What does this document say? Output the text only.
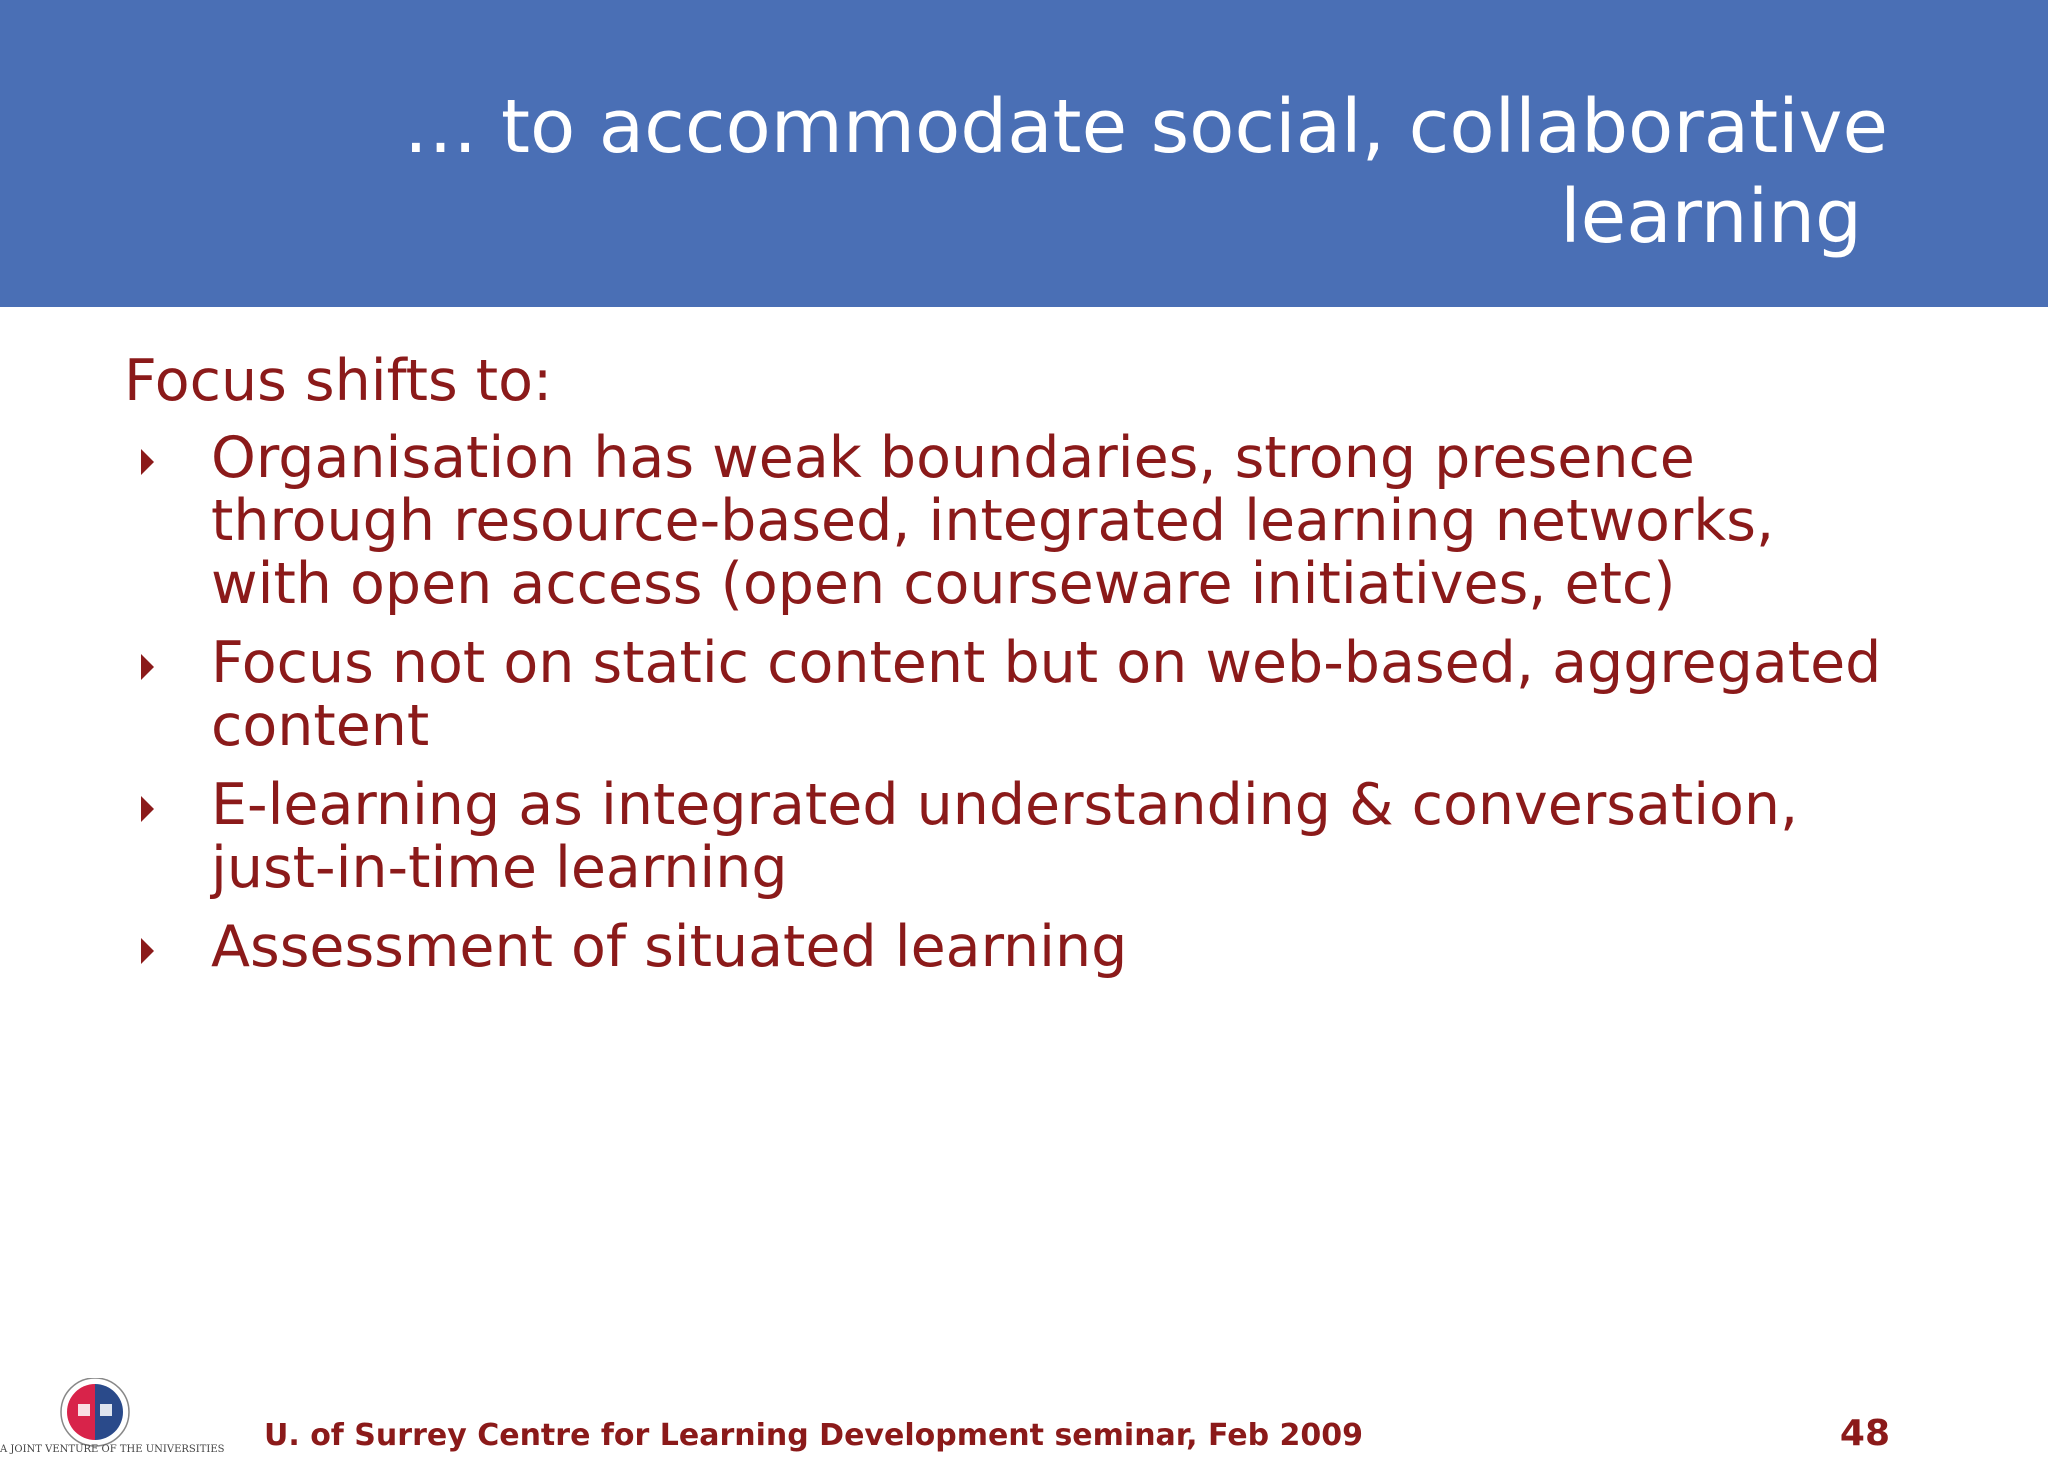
… to accommodate social, collaborative
learning

Focus shifts to:

Organisation has weak boundaries, strong presence through resource-based, integrated learning networks, with open access (open courseware initiatives, etc)
Focus not on static content but on web-based, aggregated content
E-learning as integrated understanding & conversation, just-in-time learning
Assessment of situated learning
A JOINT VENTURE OF THE UNIVERSITIES U. of Surrey Centre for Learning Development seminar, Feb 2009	48
